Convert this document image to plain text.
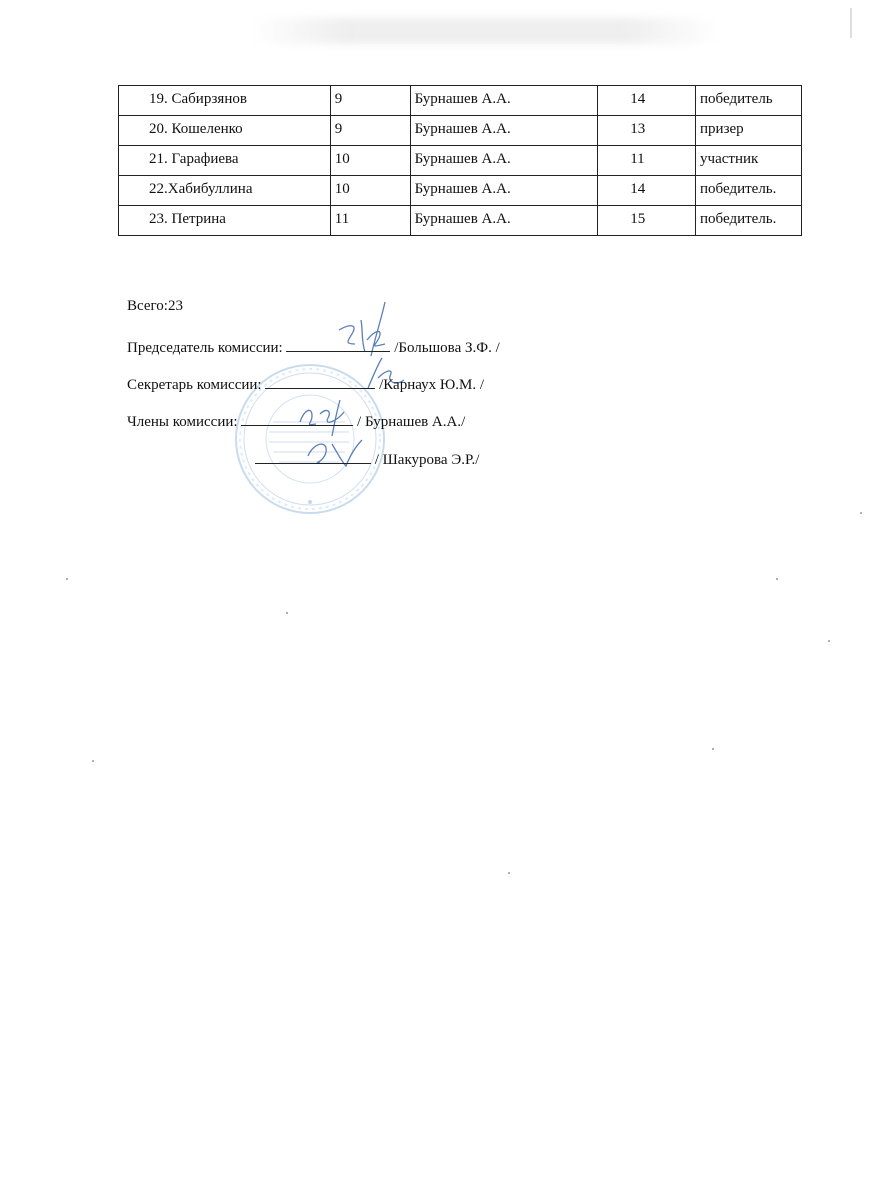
19. Сабирзянов	9	Бурнашев А.А.	14	победитель
20. Кошеленко	9	Бурнашев А.А.	13	призер
21. Гарафиева	10	Бурнашев А.А.	11	участник
22.Хабибуллина	10	Бурнашев А.А.	14	победитель.
23. Петрина	11	Бурнашев А.А.	15	победитель.
Всего:23
Председатель комиссии:	/Большова З.Ф. /
Секретарь комиссии:	/Карнаух Ю.М. /
Члены комиссии:	/ Бурнашев А.А./
/ Шакурова Э.Р./
